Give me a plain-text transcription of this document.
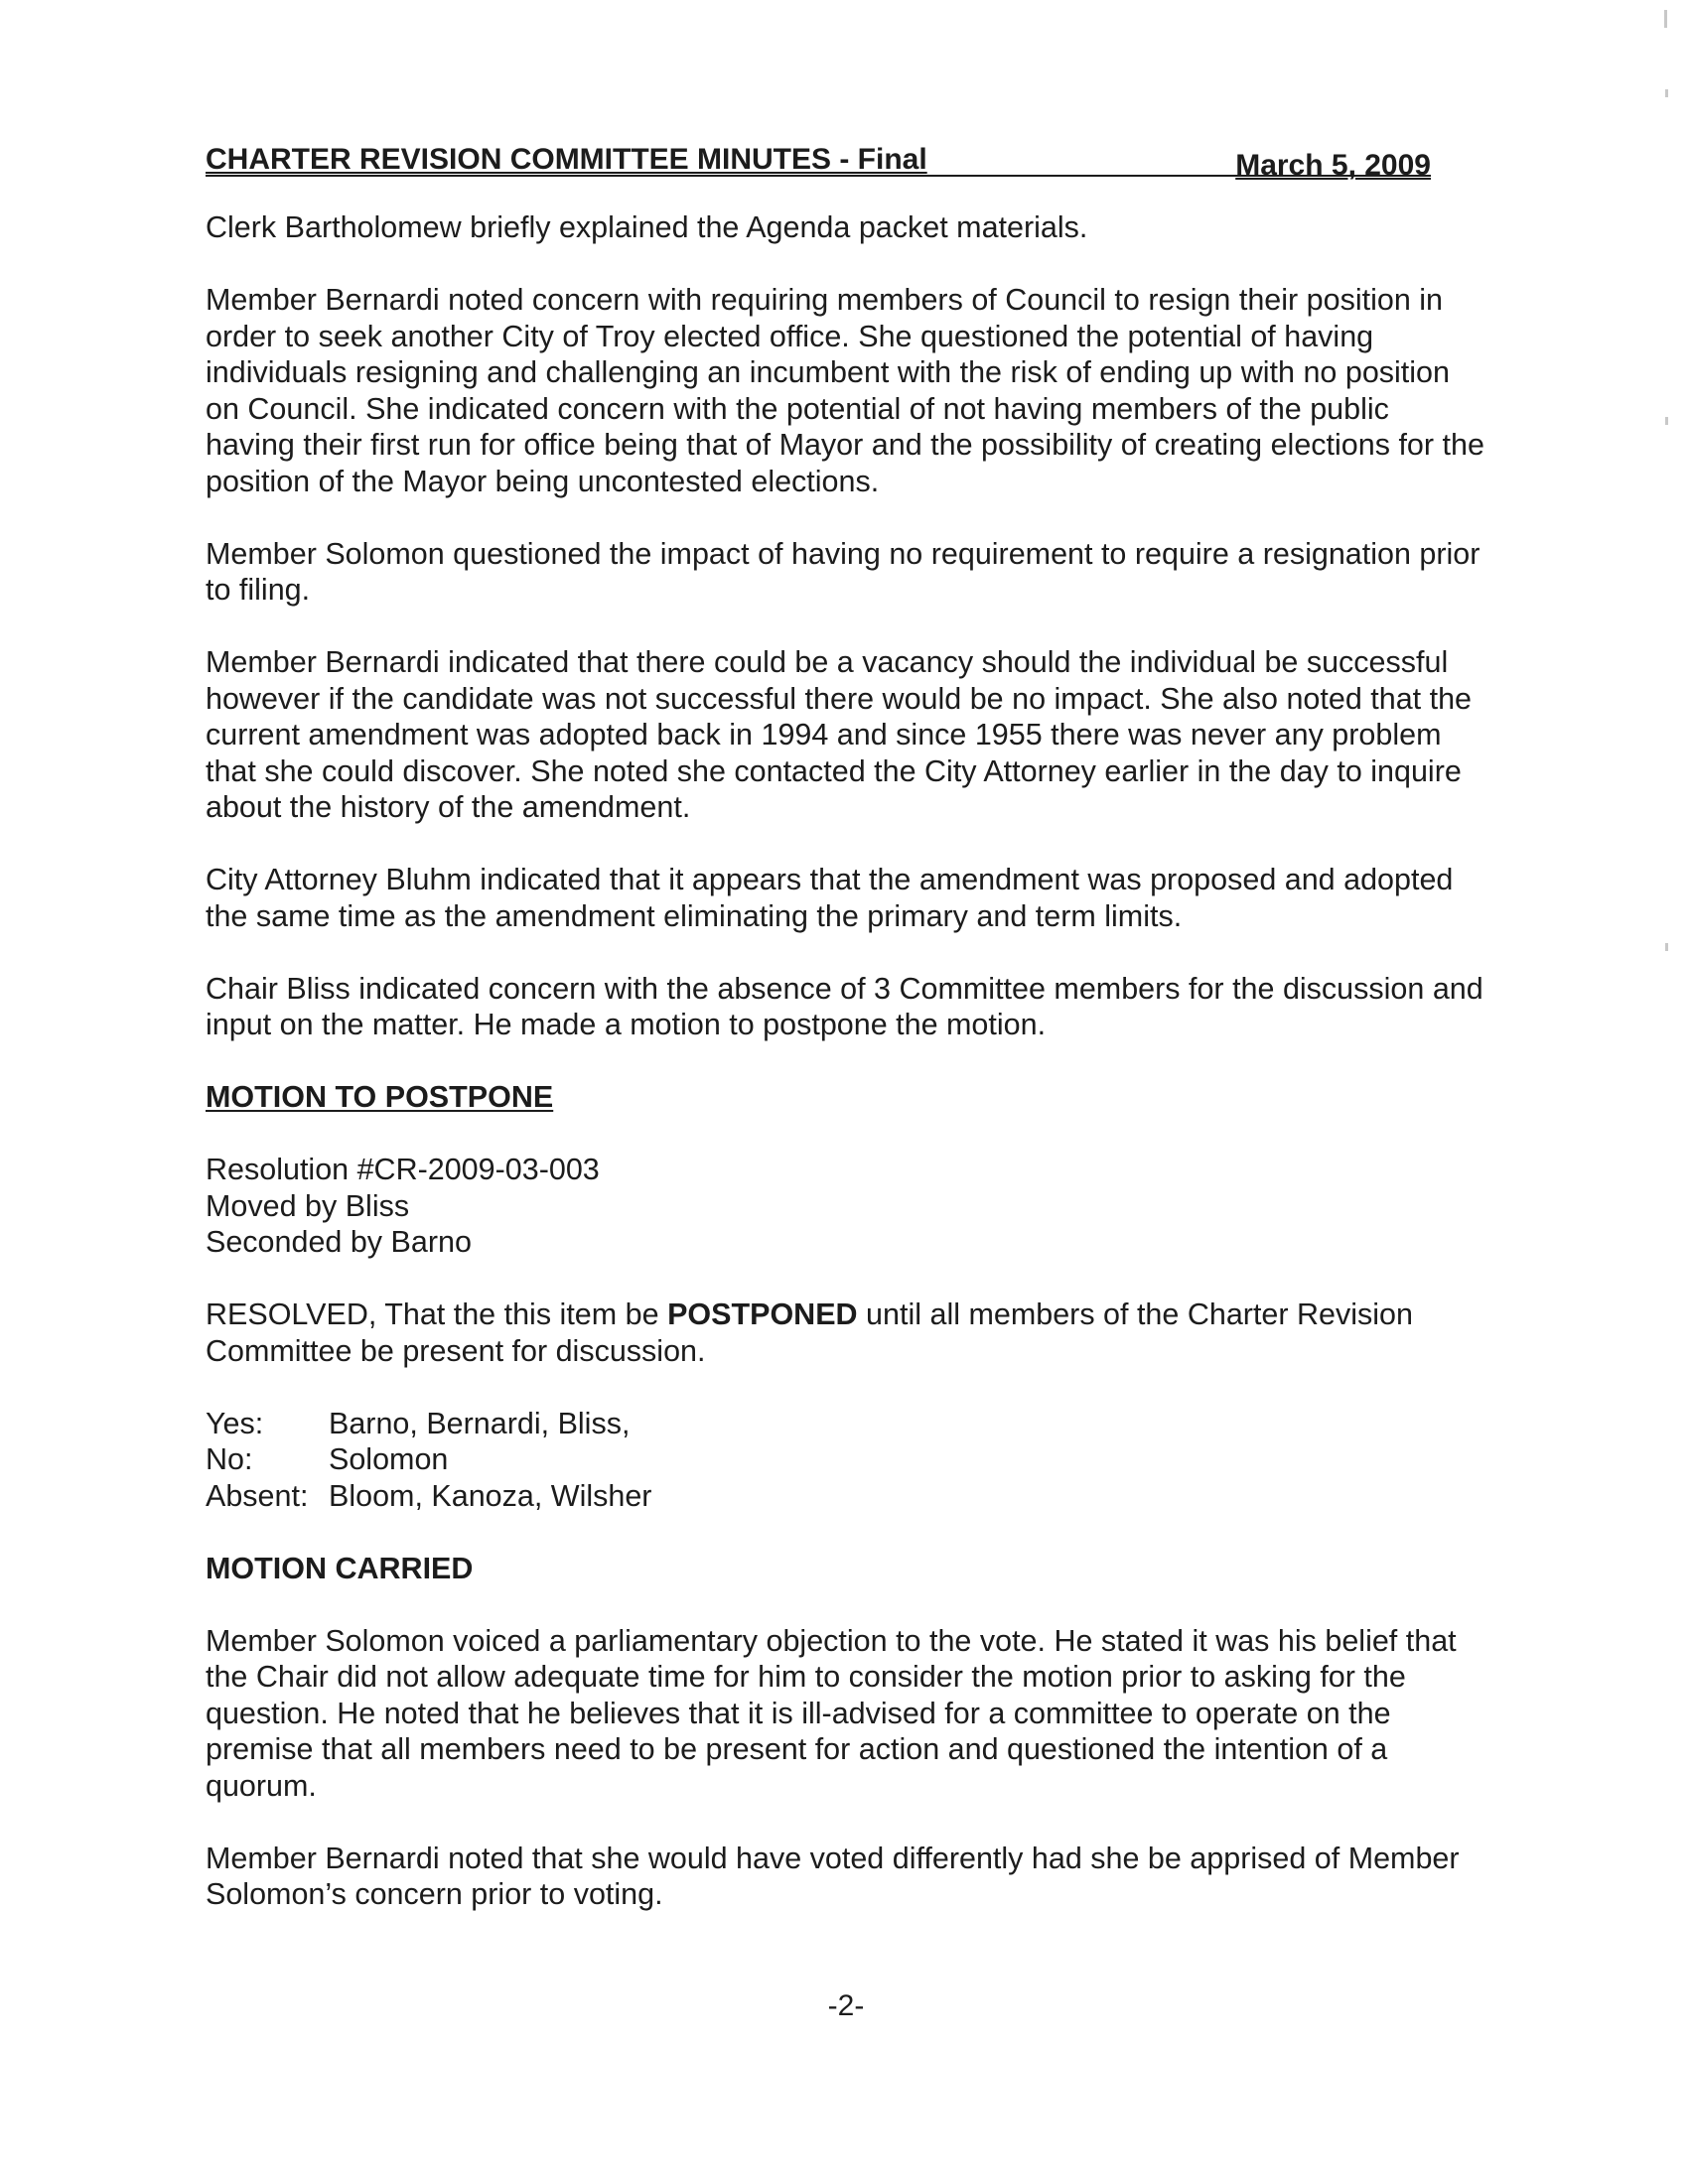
CHARTER REVISION COMMITTEE MINUTES - Final	March 5, 2009

Clerk Bartholomew briefly explained the Agenda packet materials.

Member Bernardi noted concern with requiring members of Council to resign their position in order to seek another City of Troy elected office. She questioned the potential of having individuals resigning and challenging an incumbent with the risk of ending up with no position on Council. She indicated concern with the potential of not having members of the public having their first run for office being that of Mayor and the possibility of creating elections for the position of the Mayor being uncontested elections.

Member Solomon questioned the impact of having no requirement to require a resignation prior to filing.

Member Bernardi indicated that there could be a vacancy should the individual be successful however if the candidate was not successful there would be no impact. She also noted that the current amendment was adopted back in 1994 and since 1955 there was never any problem that she could discover. She noted she contacted the City Attorney earlier in the day to inquire about the history of the amendment.

City Attorney Bluhm indicated that it appears that the amendment was proposed and adopted the same time as the amendment eliminating the primary and term limits.

Chair Bliss indicated concern with the absence of 3 Committee members for the discussion and input on the matter. He made a motion to postpone the motion.

MOTION TO POSTPONE
Resolution #CR-2009-03-003
Moved by Bliss
Seconded by Barno

RESOLVED, That the this item be POSTPONED until all members of the Charter Revision Committee be present for discussion.

Yes:	Barno, Bernardi, Bliss,
No:	Solomon
Absent:	Bloom, Kanoza, Wilsher
MOTION CARRIED

Member Solomon voiced a parliamentary objection to the vote. He stated it was his belief that the Chair did not allow adequate time for him to consider the motion prior to asking for the question. He noted that he believes that it is ill-advised for a committee to operate on the premise that all members need to be present for action and questioned the intention of a quorum.

Member Bernardi noted that she would have voted differently had she be apprised of Member Solomon’s concern prior to voting.

-2-
